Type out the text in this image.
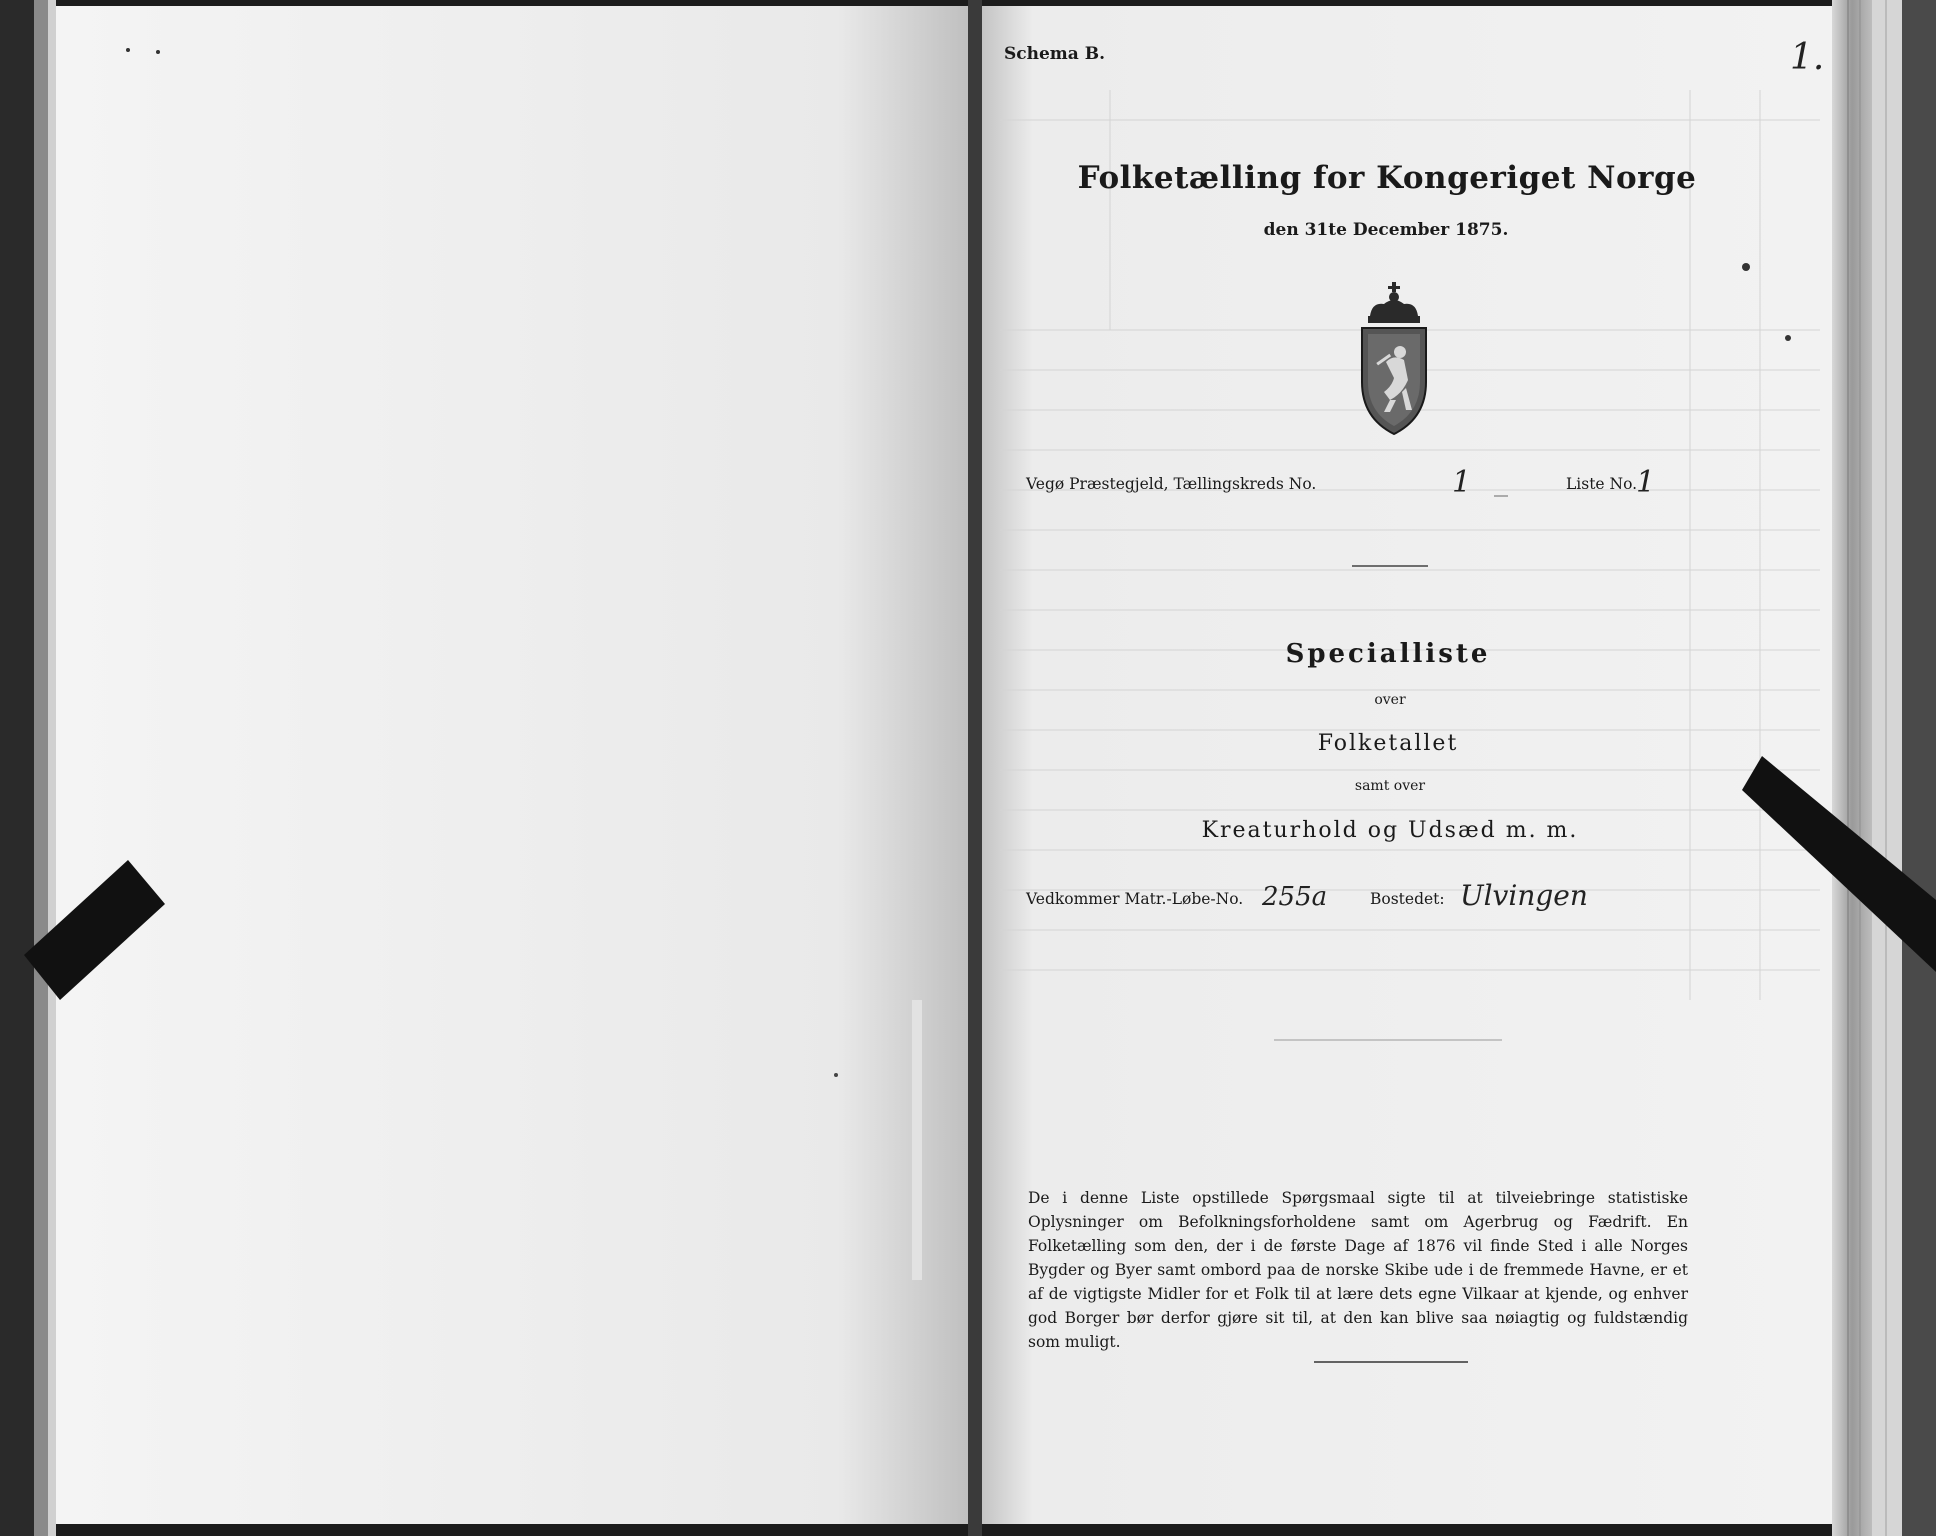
Schema B.	1.
Folketælling for Kongeriget Norge
den 31te December 1875.
Vegø Præstegjeld, Tællingskreds No.	1	Liste No.
1
Specialliste
over
Folketallet
samt over
Kreaturhold og Udsæd m. m.
Vedkommer Matr.-Løbe-No. 255a	Bostedet: Ulvingen
De i denne Liste opstillede Spørgsmaal sigte til at tilveiebringe statistiske Oplysninger om Befolkningsforholdene samt om Agerbrug og Fædrift. En Folketælling som den, der i de første Dage af 1876 vil finde Sted i alle Norges Bygder og Byer samt ombord paa de norske Skibe ude i de fremmede Havne, er et af de vigtigste Midler for et Folk til at lære dets egne Vilkaar at kjende, og enhver god Borger bør derfor gjøre sit til, at den kan blive saa nøiagtig og fuldstændig som muligt.
